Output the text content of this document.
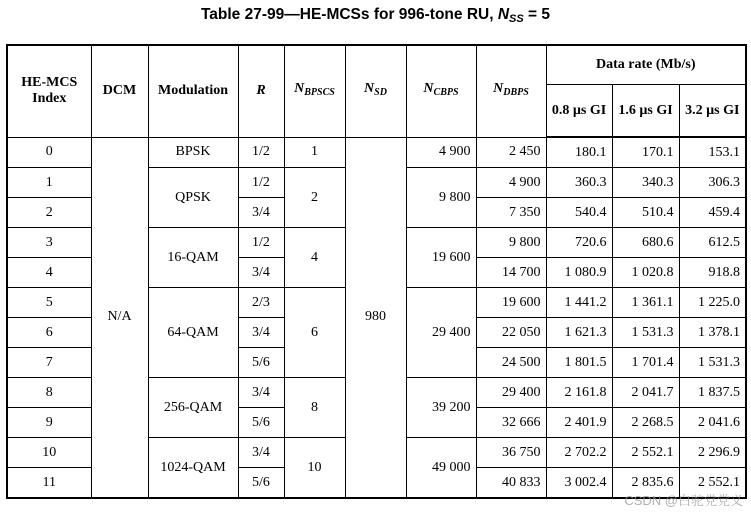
Table 27-99—HE-MCSs for 996-tone RU, $N_{SS} = 5$
HE-MCS Index	DCM	Modulation	R	$N_{BPSCS}$	$N_{SD}$	$N_{CBPS}$	$N_{DBPS}$	Data rate (Mb/s)		
								0.8 µs GI	1.6 µs GI	3.2 µs GI
0	N/A	BPSK	1/2	1	980	4 900	2 450	180.1	170.1	153.1
1		QPSK	1/2	2		9 800	4 900	360.3	340.3	306.3
2			3/4				7 350	540.4	510.4	459.4
3		16-QAM	1/2	4		19 600	9 800	720.6	680.6	612.5
4			3/4				14 700	1 080.9	1 020.8	918.8
5		64-QAM	2/3	6		29 400	19 600	1 441.2	1 361.1	1 225.0
6			3/4				22 050	1 621.3	1 531.3	1 378.1
7			5/6				24 500	1 801.5	1 701.4	1 531.3
8		256-QAM	3/4	8		39 200	29 400	2 161.8	2 041.7	1 837.5
9			5/6				32 666	2 401.9	2 268.5	2 041.6
10		1024-QAM	3/4	10		49 000	36 750	2 702.2	2 552.1	2 296.9
11			5/6				40 833	3 002.4	2 835.6	2 552.1
CSDN @白驼党党义
